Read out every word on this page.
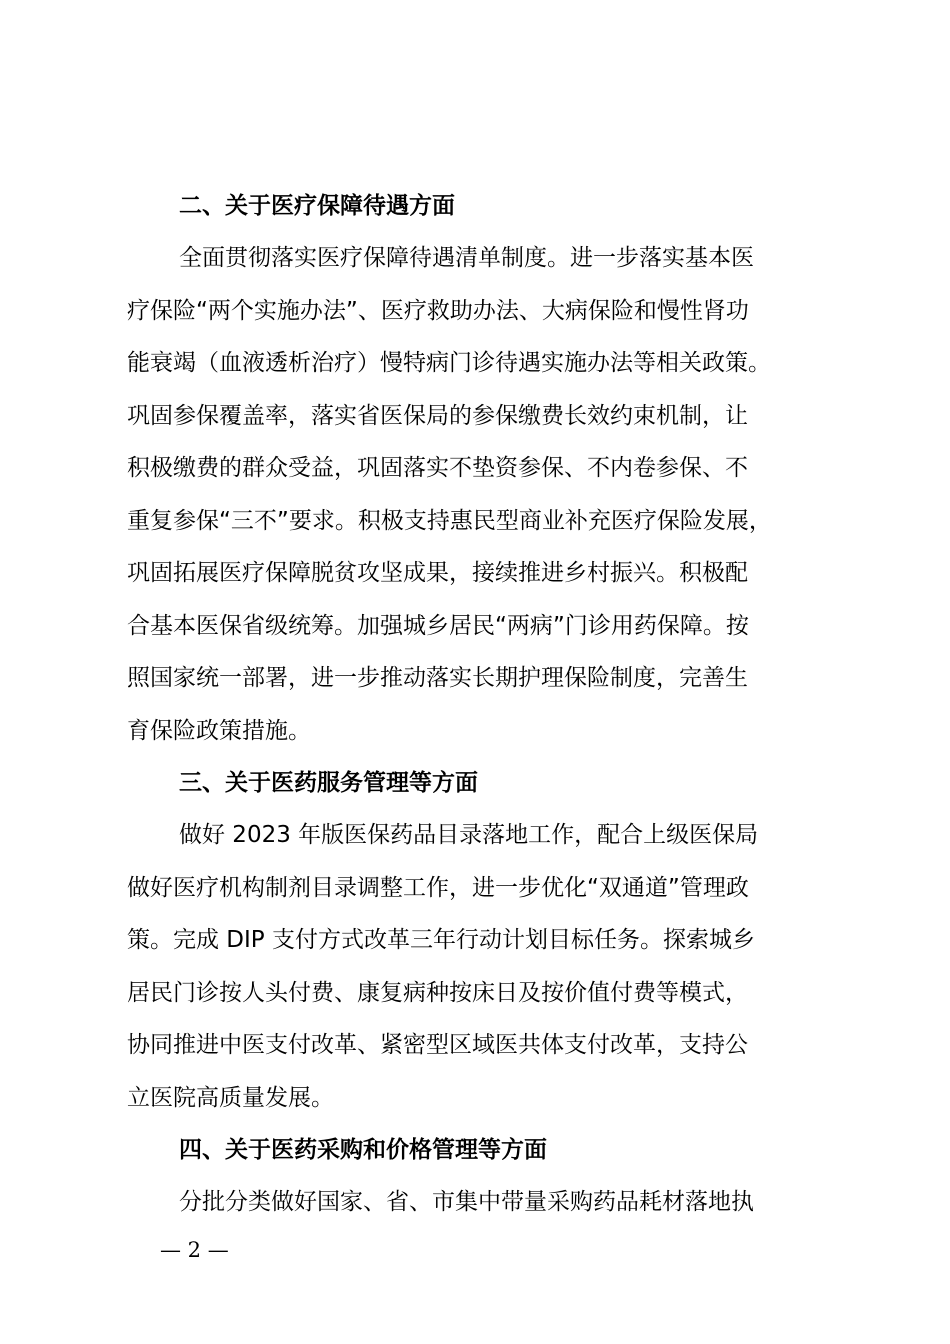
二、关于医疗保障待遇方面

全面贯彻落实医疗保障待遇清单制度。进一步落实基本医
疗保险“两个实施办法”、医疗救助办法、大病保险和慢性肾功
能衰竭（血液透析治疗）慢特病门诊待遇实施办法等相关政策。
巩固参保覆盖率，落实省医保局的参保缴费长效约束机制，让
积极缴费的群众受益，巩固落实不垫资参保、不内卷参保、不
重复参保“三不”要求。积极支持惠民型商业补充医疗保险发展，
巩固拓展医疗保障脱贫攻坚成果，接续推进乡村振兴。积极配
合基本医保省级统筹。加强城乡居民“两病”门诊用药保障。按
照国家统一部署，进一步推动落实长期护理保险制度，完善生
育保险政策措施。

三、关于医药服务管理等方面

做好 2023 年版医保药品目录落地工作，配合上级医保局
做好医疗机构制剂目录调整工作，进一步优化“双通道”管理政
策。完成 DIP 支付方式改革三年行动计划目标任务。探索城乡
居民门诊按人头付费、康复病种按床日及按价值付费等模式，
协同推进中医支付改革、紧密型区域医共体支付改革，支持公
立医院高质量发展。

四、关于医药采购和价格管理等方面

分批分类做好国家、省、市集中带量采购药品耗材落地执

— 2 —
